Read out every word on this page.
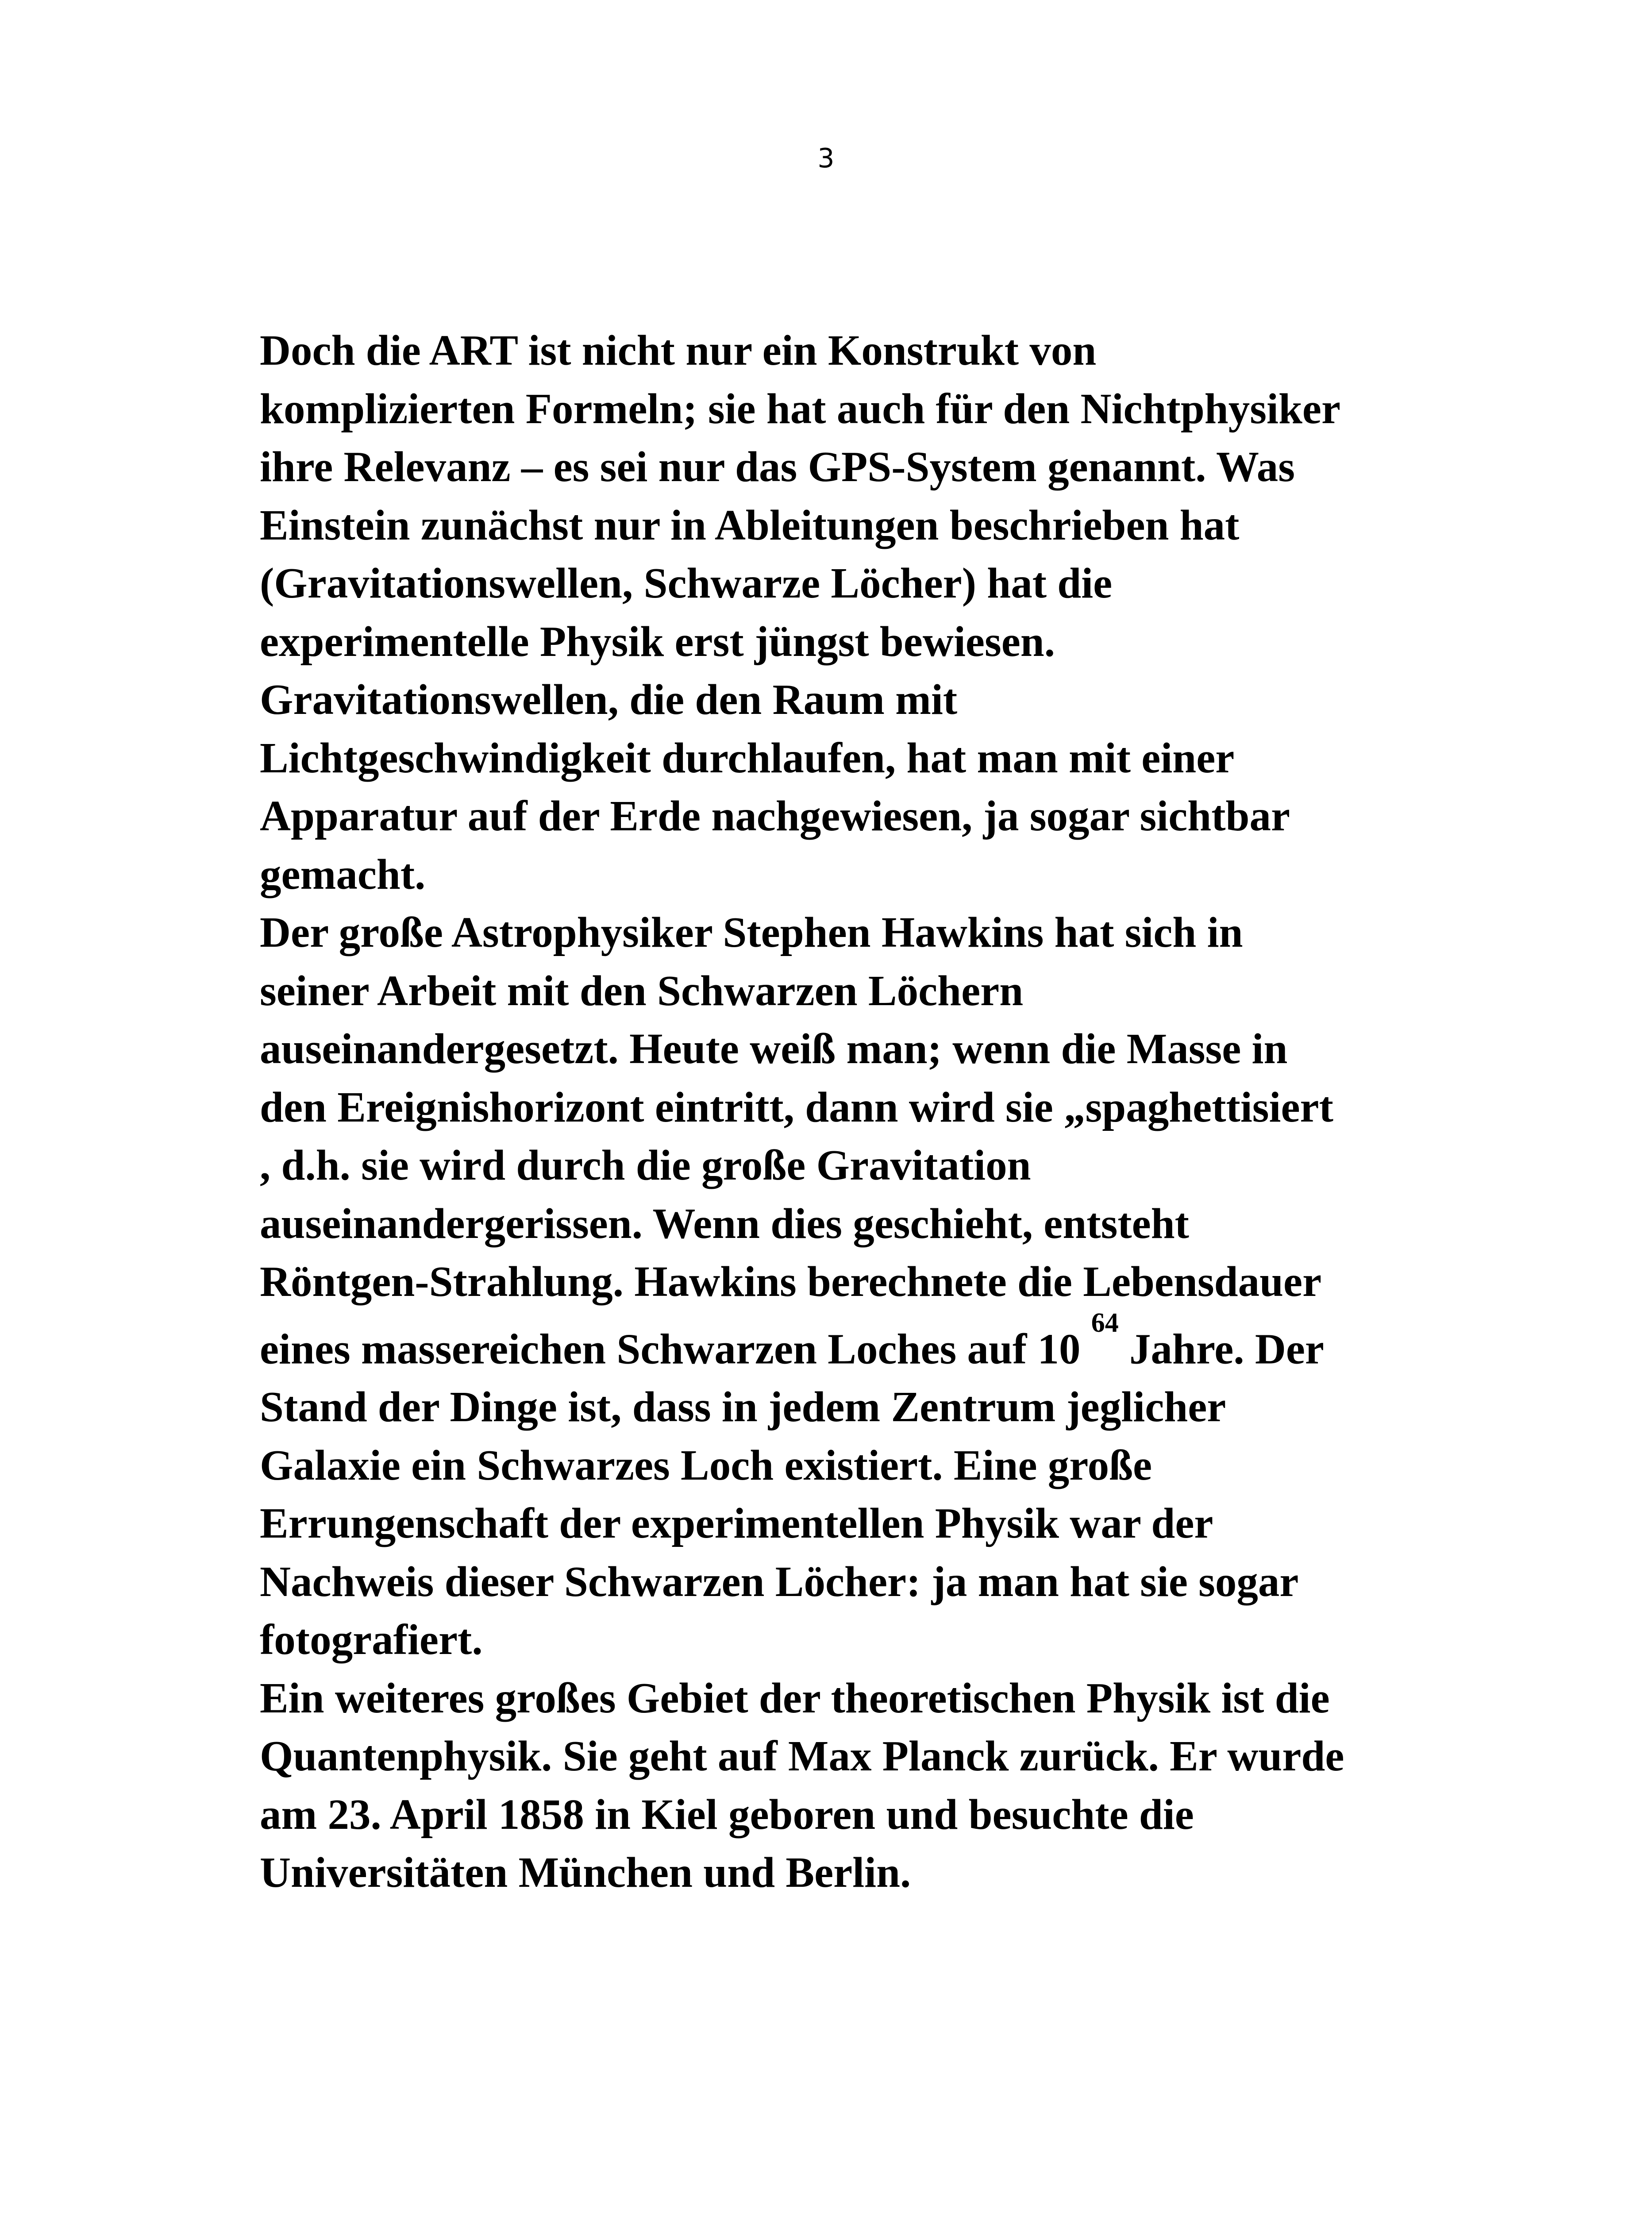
3
Doch die ART ist nicht nur ein Konstrukt von
komplizierten Formeln; sie hat auch für den Nichtphysiker
ihre Relevanz – es sei nur das GPS-System genannt. Was
Einstein zunächst nur in Ableitungen beschrieben hat
(Gravitationswellen, Schwarze Löcher) hat die
experimentelle Physik erst jüngst bewiesen.
Gravitationswellen, die den Raum mit
Lichtgeschwindigkeit durchlaufen, hat man mit einer
Apparatur auf der Erde nachgewiesen, ja sogar sichtbar
gemacht.
Der große Astrophysiker Stephen Hawkins hat sich in
seiner Arbeit mit den Schwarzen Löchern
auseinandergesetzt. Heute weiß man; wenn die Masse in
den Ereignishorizont eintritt, dann wird sie „spaghettisiert
, d.h. sie wird durch die große Gravitation
auseinandergerissen. Wenn dies geschieht, entsteht
Röntgen-Strahlung. Hawkins berechnete die Lebensdauer
eines massereichen Schwarzen Loches auf 10 $^{64}$ Jahre. Der
Stand der Dinge ist, dass in jedem Zentrum jeglicher
Galaxie ein Schwarzes Loch existiert. Eine große
Errungenschaft der experimentellen Physik war der
Nachweis dieser Schwarzen Löcher: ja man hat sie sogar
fotografiert.
Ein weiteres großes Gebiet der theoretischen Physik ist die
Quantenphysik. Sie geht auf Max Planck zurück. Er wurde
am 23. April 1858 in Kiel geboren und besuchte die
Universitäten München und Berlin.
